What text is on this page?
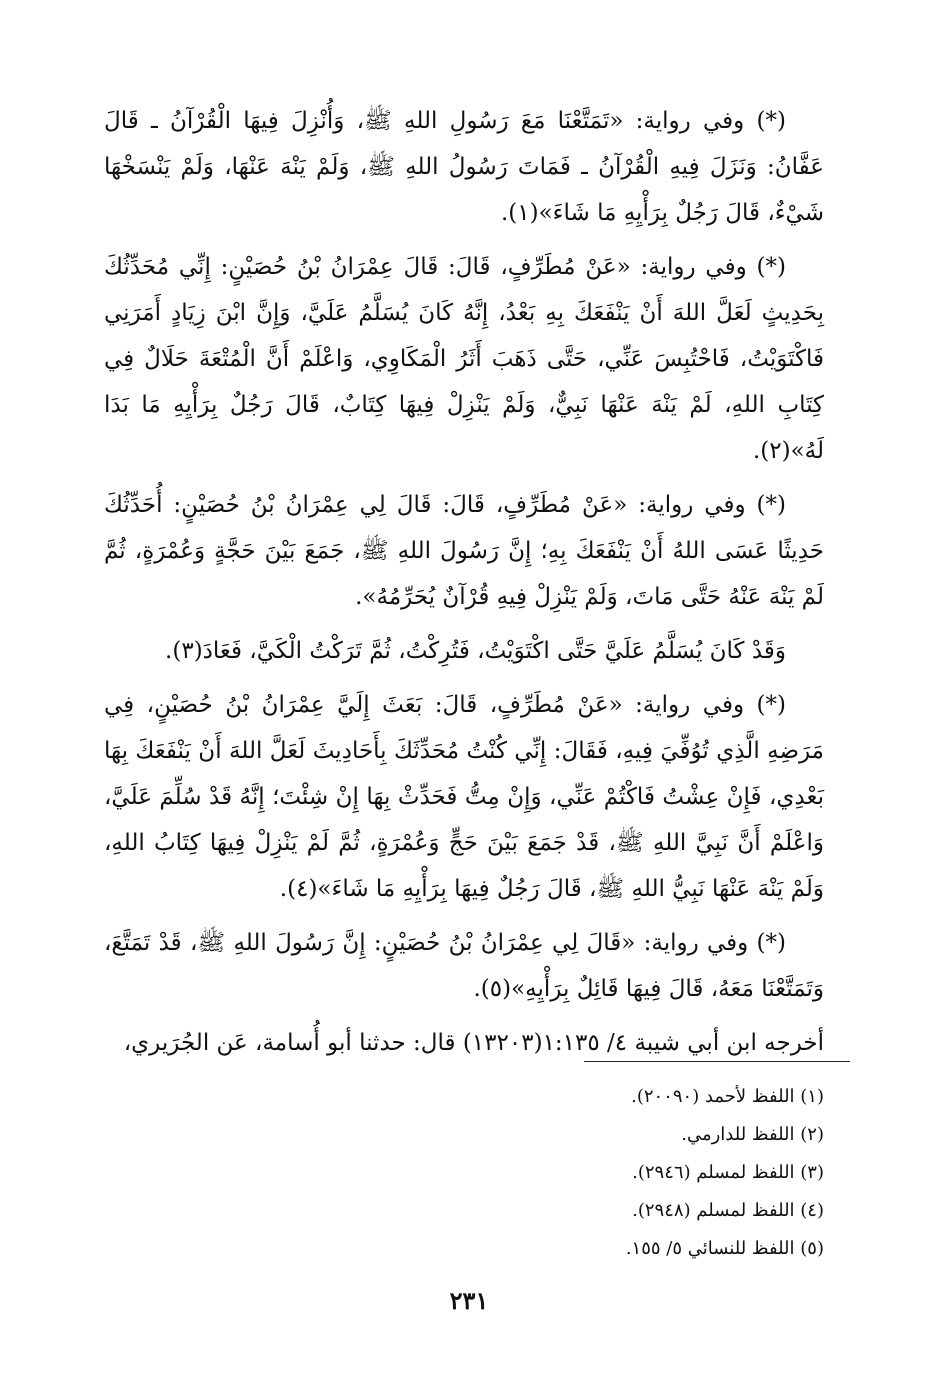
(*) وفي رواية: «تَمَتَّعْنَا مَعَ رَسُولِ اللهِ ﷺ، وَأُنْزِلَ فِيهَا الْقُرْآنُ ـ قَالَ عَفَّانُ: وَنَزَلَ فِيهِ الْقُرْآنُ ـ فَمَاتَ رَسُولُ اللهِ ﷺ، وَلَمْ يَنْهَ عَنْهَا، وَلَمْ يَنْسَخْهَا شَيْءٌ، قَالَ رَجُلٌ بِرَأْيِهِ مَا شَاءَ»(١).

(*) وفي رواية: «عَنْ مُطَرِّفٍ، قَالَ: قَالَ عِمْرَانُ بْنُ حُصَيْنٍ: إِنِّي مُحَدِّثُكَ بِحَدِيثٍ لَعَلَّ اللهَ أَنْ يَنْفَعَكَ بِهِ بَعْدُ، إِنَّهُ كَانَ يُسَلَّمُ عَلَيَّ، وَإِنَّ ابْنَ زِيَادٍ أَمَرَنِي فَاكْتَوَيْتُ، فَاحْتُبِسَ عَنِّي، حَتَّى ذَهَبَ أَثَرُ الْمَكَاوِي، وَاعْلَمْ أَنَّ الْمُتْعَةَ حَلَالٌ فِي كِتَابِ اللهِ، لَمْ يَنْهَ عَنْهَا نَبِيٌّ، وَلَمْ يَنْزِلْ فِيهَا كِتَابٌ، قَالَ رَجُلٌ بِرَأْيِهِ مَا بَدَا لَهُ»(٢).

(*) وفي رواية: «عَنْ مُطَرِّفٍ، قَالَ: قَالَ لِي عِمْرَانُ بْنُ حُصَيْنٍ: أُحَدِّثُكَ حَدِيثًا عَسَى اللهُ أَنْ يَنْفَعَكَ بِهِ؛ إِنَّ رَسُولَ اللهِ ﷺ، جَمَعَ بَيْنَ حَجَّةٍ وَعُمْرَةٍ، ثُمَّ لَمْ يَنْهَ عَنْهُ حَتَّى مَاتَ، وَلَمْ يَنْزِلْ فِيهِ قُرْآنٌ يُحَرِّمُهُ».

وَقَدْ كَانَ يُسَلَّمُ عَلَيَّ حَتَّى اكْتَوَيْتُ، فَتُرِكْتُ، ثُمَّ تَرَكْتُ الْكَيَّ، فَعَادَ(٣).

(*) وفي رواية: «عَنْ مُطَرِّفٍ، قَالَ: بَعَثَ إِلَيَّ عِمْرَانُ بْنُ حُصَيْنٍ، فِي مَرَضِهِ الَّذِي تُوُفِّيَ فِيهِ، فَقَالَ: إِنِّي كُنْتُ مُحَدِّثَكَ بِأَحَادِيثَ لَعَلَّ اللهَ أَنْ يَنْفَعَكَ بِهَا بَعْدِي، فَإِنْ عِشْتُ فَاكْتُمْ عَنِّي، وَإِنْ مِتُّ فَحَدِّثْ بِهَا إِنْ شِئْتَ؛ إِنَّهُ قَدْ سُلِّمَ عَلَيَّ، وَاعْلَمْ أَنَّ نَبِيَّ اللهِ ﷺ، قَدْ جَمَعَ بَيْنَ حَجٍّ وَعُمْرَةٍ، ثُمَّ لَمْ يَنْزِلْ فِيهَا كِتَابُ اللهِ، وَلَمْ يَنْهَ عَنْهَا نَبِيُّ اللهِ ﷺ، قَالَ رَجُلٌ فِيهَا بِرَأْيِهِ مَا شَاءَ»(٤).

(*) وفي رواية: «قَالَ لِي عِمْرَانُ بْنُ حُصَيْنٍ: إِنَّ رَسُولَ اللهِ ﷺ، قَدْ تَمَتَّعَ، وَتَمَتَّعْنَا مَعَهُ، قَالَ فِيهَا قَائِلٌ بِرَأْيِهِ»(٥).

أخرجه ابن أبي شيبة ٤/ ١:١٣٥(١٣٢٠٣) قال: حدثنا أبو أُسامة، عَن الجُرَيري،

(١) اللفظ لأحمد (٢٠٠٩٠).

(٢) اللفظ للدارمي.

(٣) اللفظ لمسلم (٢٩٤٦).

(٤) اللفظ لمسلم (٢٩٤٨).

(٥) اللفظ للنسائي ٥/ ١٥٥.

٢٣١
